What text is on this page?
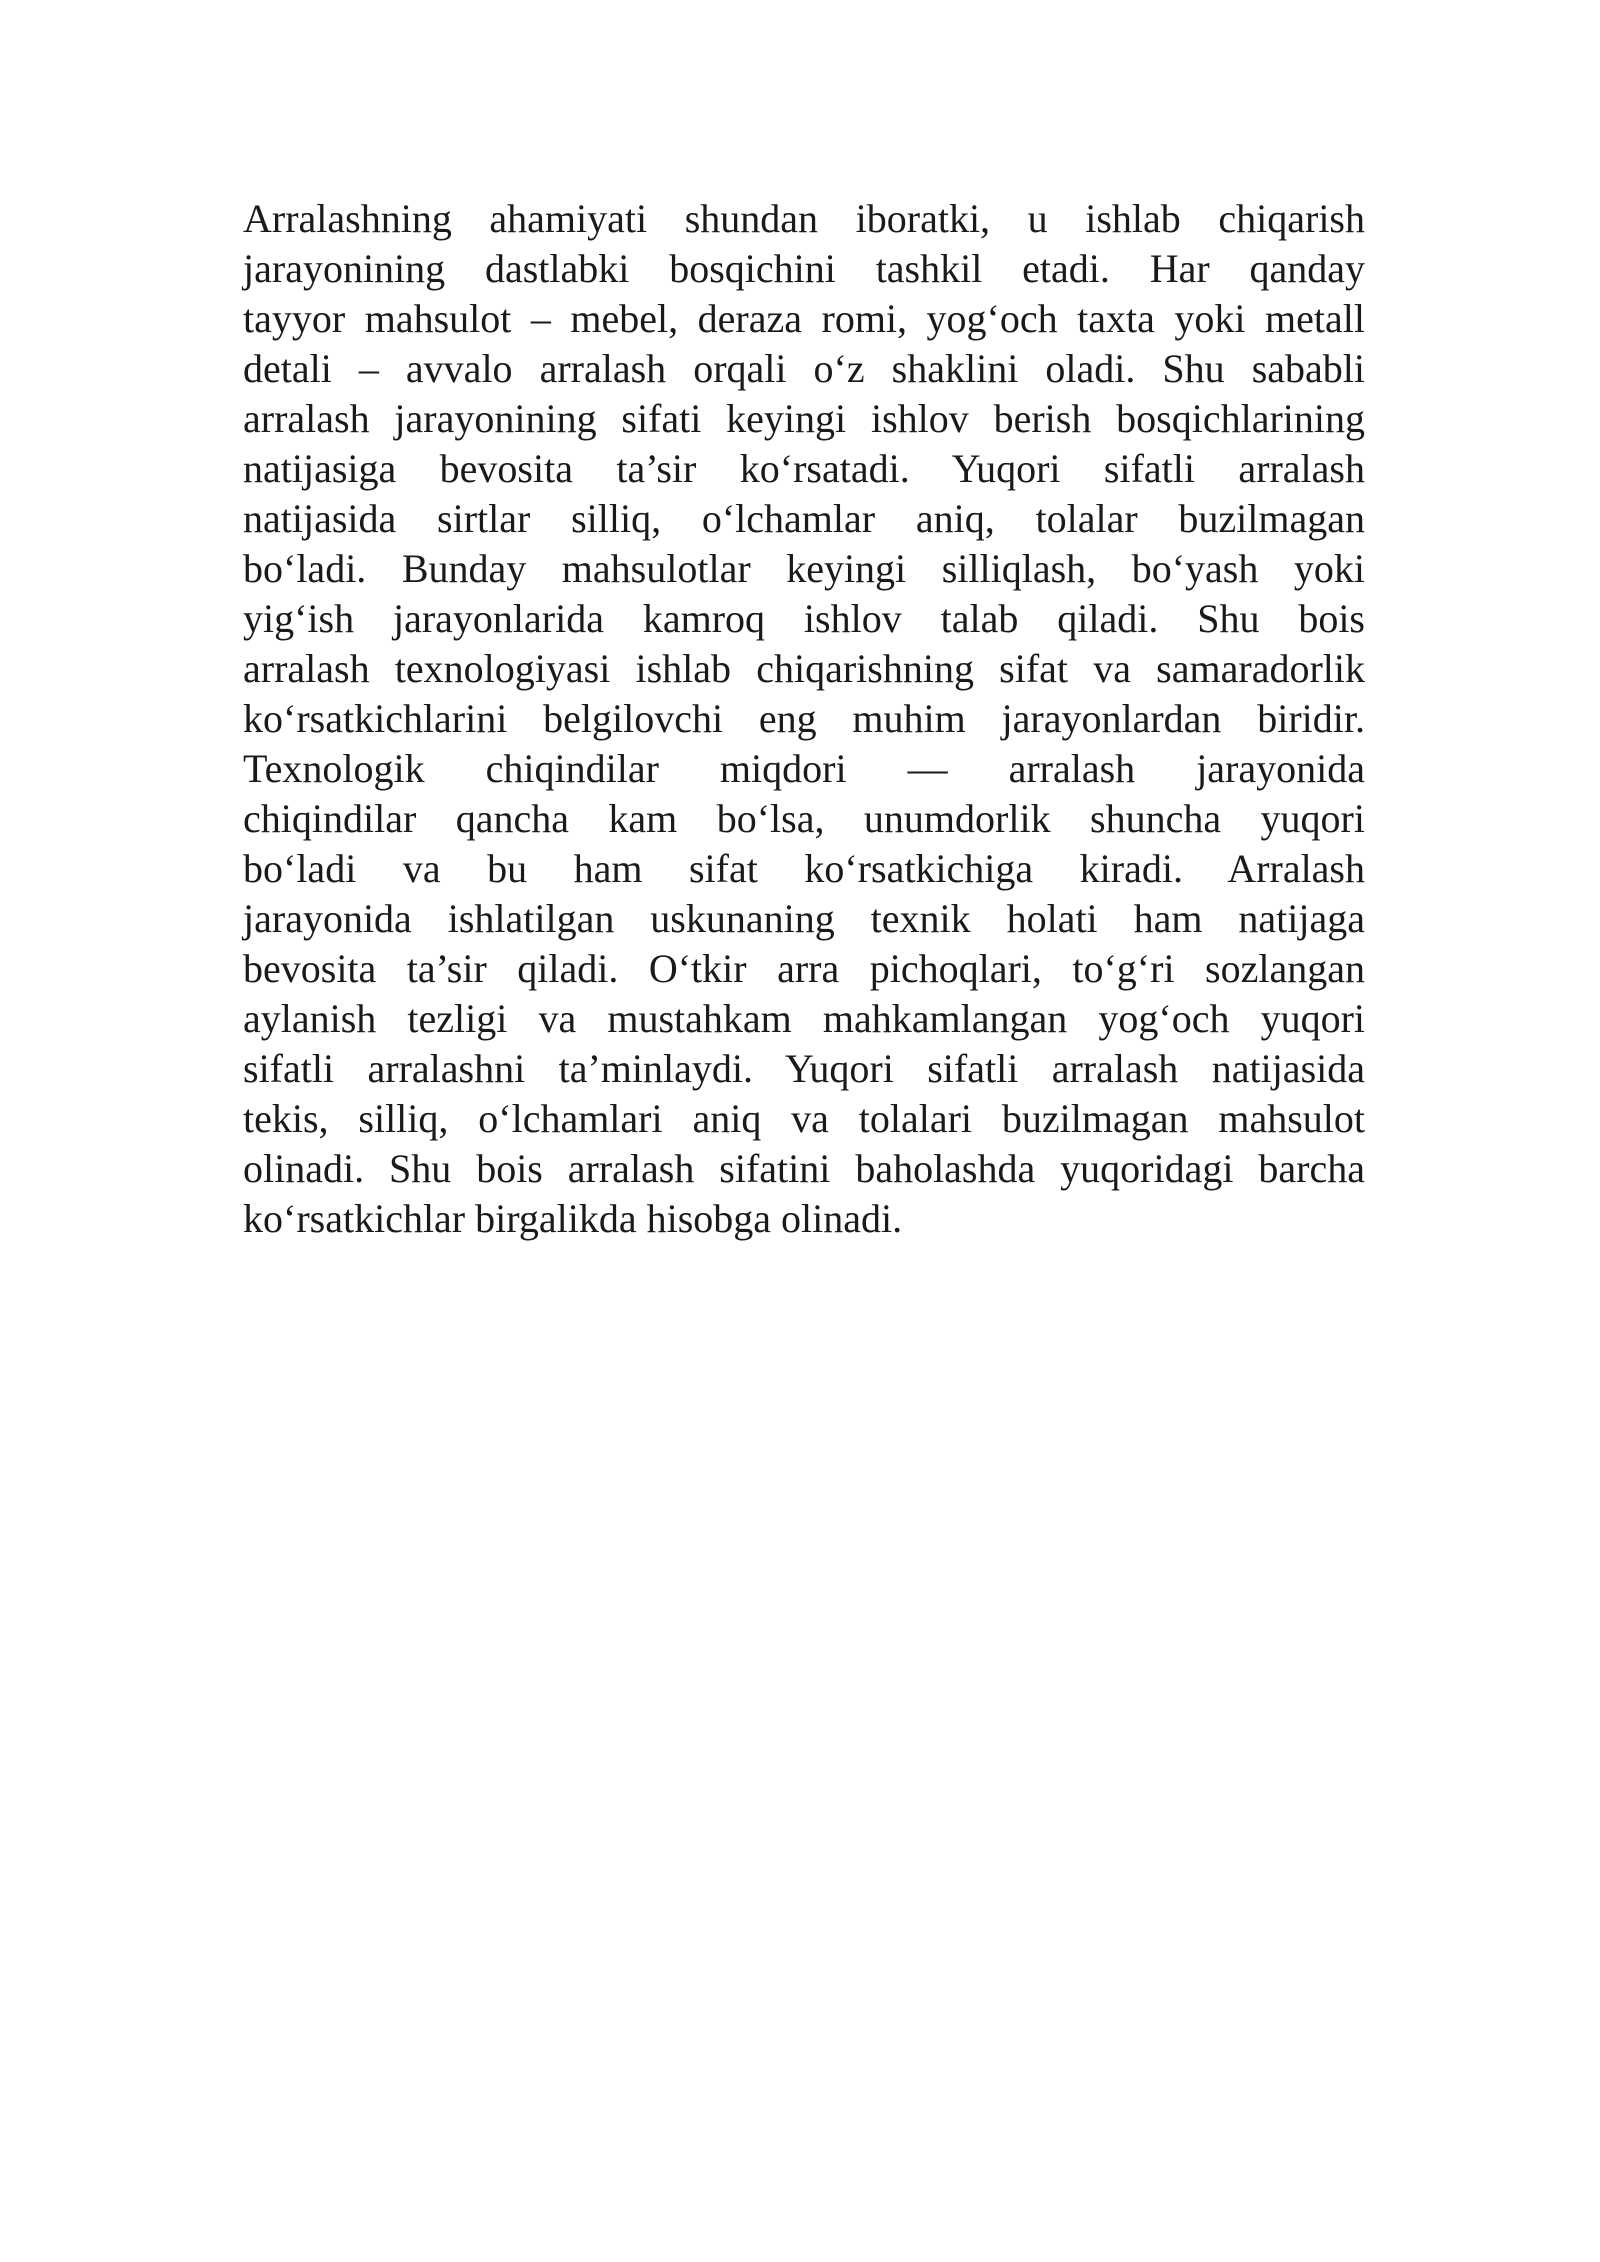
Arralashning ahamiyati shundan iboratki, u ishlab chiqarish
jarayonining dastlabki bosqichini tashkil etadi. Har qanday
tayyor mahsulot – mebel, deraza romi, yog‘och taxta yoki metall
detali – avvalo arralash orqali o‘z shaklini oladi. Shu sababli
arralash jarayonining sifati keyingi ishlov berish bosqichlarining
natijasiga bevosita ta’sir ko‘rsatadi. Yuqori sifatli arralash
natijasida sirtlar silliq, o‘lchamlar aniq, tolalar buzilmagan
bo‘ladi. Bunday mahsulotlar keyingi silliqlash, bo‘yash yoki
yig‘ish jarayonlarida kamroq ishlov talab qiladi. Shu bois
arralash texnologiyasi ishlab chiqarishning sifat va samaradorlik
ko‘rsatkichlarini belgilovchi eng muhim jarayonlardan biridir.
Texnologik chiqindilar miqdori — arralash jarayonida
chiqindilar qancha kam bo‘lsa, unumdorlik shuncha yuqori
bo‘ladi va bu ham sifat ko‘rsatkichiga kiradi. Arralash
jarayonida ishlatilgan uskunaning texnik holati ham natijaga
bevosita ta’sir qiladi. O‘tkir arra pichoqlari, to‘g‘ri sozlangan
aylanish tezligi va mustahkam mahkamlangan yog‘och yuqori
sifatli arralashni ta’minlaydi. Yuqori sifatli arralash natijasida
tekis, silliq, o‘lchamlari aniq va tolalari buzilmagan mahsulot
olinadi. Shu bois arralash sifatini baholashda yuqoridagi barcha
ko‘rsatkichlar birgalikda hisobga olinadi.
